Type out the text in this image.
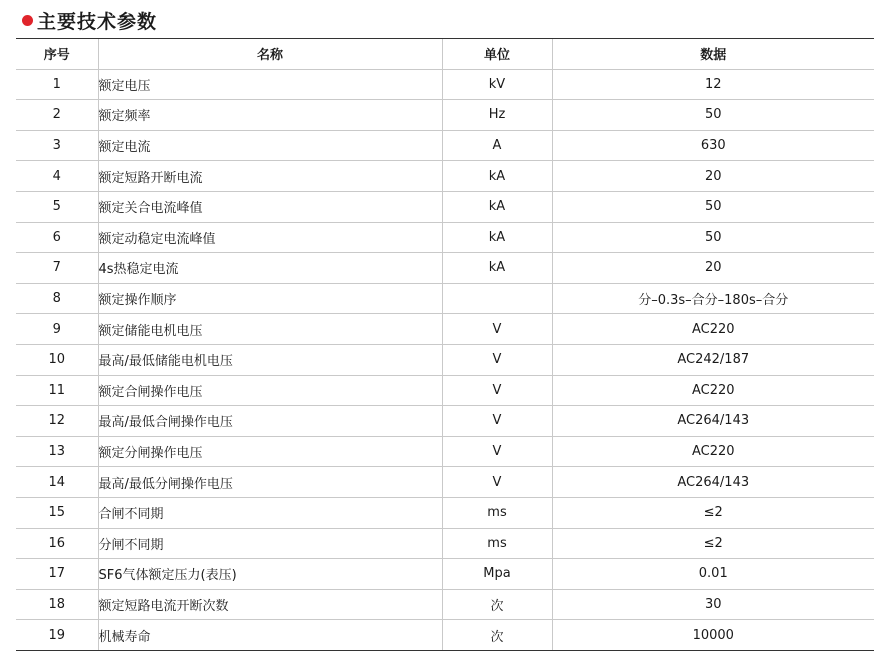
主要技术参数
序号	名称	单位	数据
1	额定电压	kV	12
2	额定频率	Hz	50
3	额定电流	A	630
4	额定短路开断电流	kA	20
5	额定关合电流峰值	kA	50
6	额定动稳定电流峰值	kA	50
7	4s热稳定电流	kA	20
8	额定操作顺序		分–0.3s–合分–180s–合分
9	额定储能电机电压	V	AC220
10	最高/最低储能电机电压	V	AC242/187
11	额定合闸操作电压	V	AC220
12	最高/最低合闸操作电压	V	AC264/143
13	额定分闸操作电压	V	AC220
14	最高/最低分闸操作电压	V	AC264/143
15	合闸不同期	ms	≤2
16	分闸不同期	ms	≤2
17	SF6气体额定压力(表压)	Mpa	0.01
18	额定短路电流开断次数	次	30
19	机械寿命	次	10000
